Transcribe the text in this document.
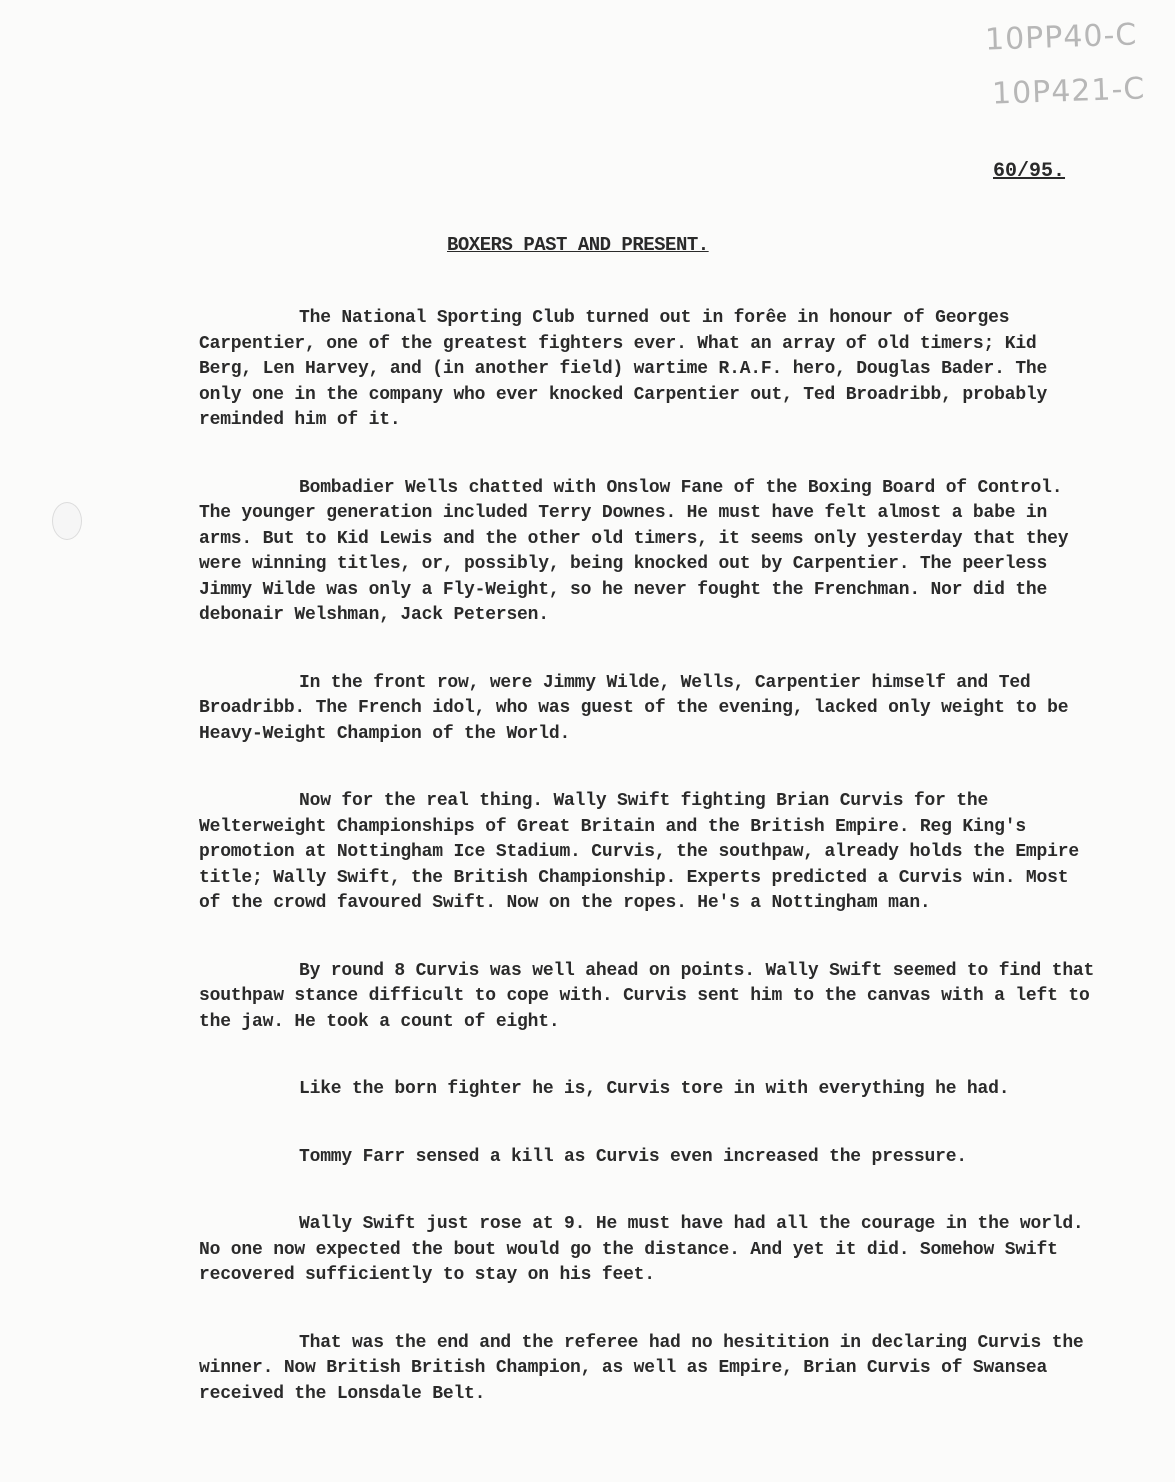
10PP40-C
10P421-C
60/95.
BOXERS PAST AND PRESENT.

The National Sporting Club turned out in forêe in honour of Georges Carpentier, one of the greatest fighters ever. What an array of old timers; Kid Berg, Len Harvey, and (in another field) wartime R.A.F. hero, Douglas Bader. The only one in the company who ever knocked Carpentier out, Ted Broadribb, probably reminded him of it.

Bombadier Wells chatted with Onslow Fane of the Boxing Board of Control. The younger generation included Terry Downes. He must have felt almost a babe in arms. But to Kid Lewis and the other old timers, it seems only yesterday that they were winning titles, or, possibly, being knocked out by Carpentier. The peerless Jimmy Wilde was only a Fly-Weight, so he never fought the Frenchman. Nor did the debonair Welshman, Jack Petersen.

In the front row, were Jimmy Wilde, Wells, Carpentier himself and Ted Broadribb. The French idol, who was guest of the evening, lacked only weight to be Heavy-Weight Champion of the World.

Now for the real thing. Wally Swift fighting Brian Curvis for the Welterweight Championships of Great Britain and the British Empire. Reg King's promotion at Nottingham Ice Stadium. Curvis, the southpaw, already holds the Empire title; Wally Swift, the British Championship. Experts predicted a Curvis win. Most of the crowd favoured Swift. Now on the ropes. He's a Nottingham man.

By round 8 Curvis was well ahead on points. Wally Swift seemed to find that southpaw stance difficult to cope with. Curvis sent him to the canvas with a left to the jaw. He took a count of eight.

Like the born fighter he is, Curvis tore in with everything he had.

Tommy Farr sensed a kill as Curvis even increased the pressure.

Wally Swift just rose at 9. He must have had all the courage in the world. No one now expected the bout would go the distance. And yet it did. Somehow Swift recovered sufficiently to stay on his feet.

That was the end and the referee had no hesitition in declaring Curvis the winner. Now British British Champion, as well as Empire, Brian Curvis of Swansea received the Lonsdale Belt.
